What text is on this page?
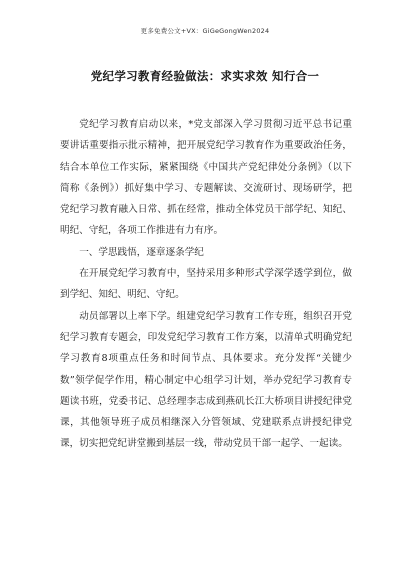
更多免费公文+VX：GiGeGongWen2024
党纪学习教育经验做法：求实求效 知行合一

党纪学习教育启动以来，*党支部深入学习贯彻习近平总书记重要讲话重要指示批示精神，把开展党纪学习教育作为重要政治任务，结合本单位工作实际，紧紧围绕《中国共产党纪律处分条例》（以下简称《条例》）抓好集中学习、专题解读、交流研讨、现场研学，把党纪学习教育融入日常、抓在经常，推动全体党员干部学纪、知纪、明纪、守纪，各项工作推进有力有序。

一、学思践悟，逐章逐条学纪

在开展党纪学习教育中，坚持采用多种形式学深学透学到位，做到学纪、知纪、明纪、守纪。

动员部署以上率下学。组建党纪学习教育工作专班，组织召开党纪学习教育专题会，印发党纪学习教育工作方案，以清单式明确党纪学习教育8项重点任务和时间节点、具体要求。充分发挥“关键少数”领学促学作用，精心制定中心组学习计划，举办党纪学习教育专题读书班，党委书记、总经理李志成到燕矶长江大桥项目讲授纪律党课，其他领导班子成员相继深入分管领域、党建联系点讲授纪律党课，切实把党纪讲堂搬到基层一线，带动党员干部一起学、一起读。
